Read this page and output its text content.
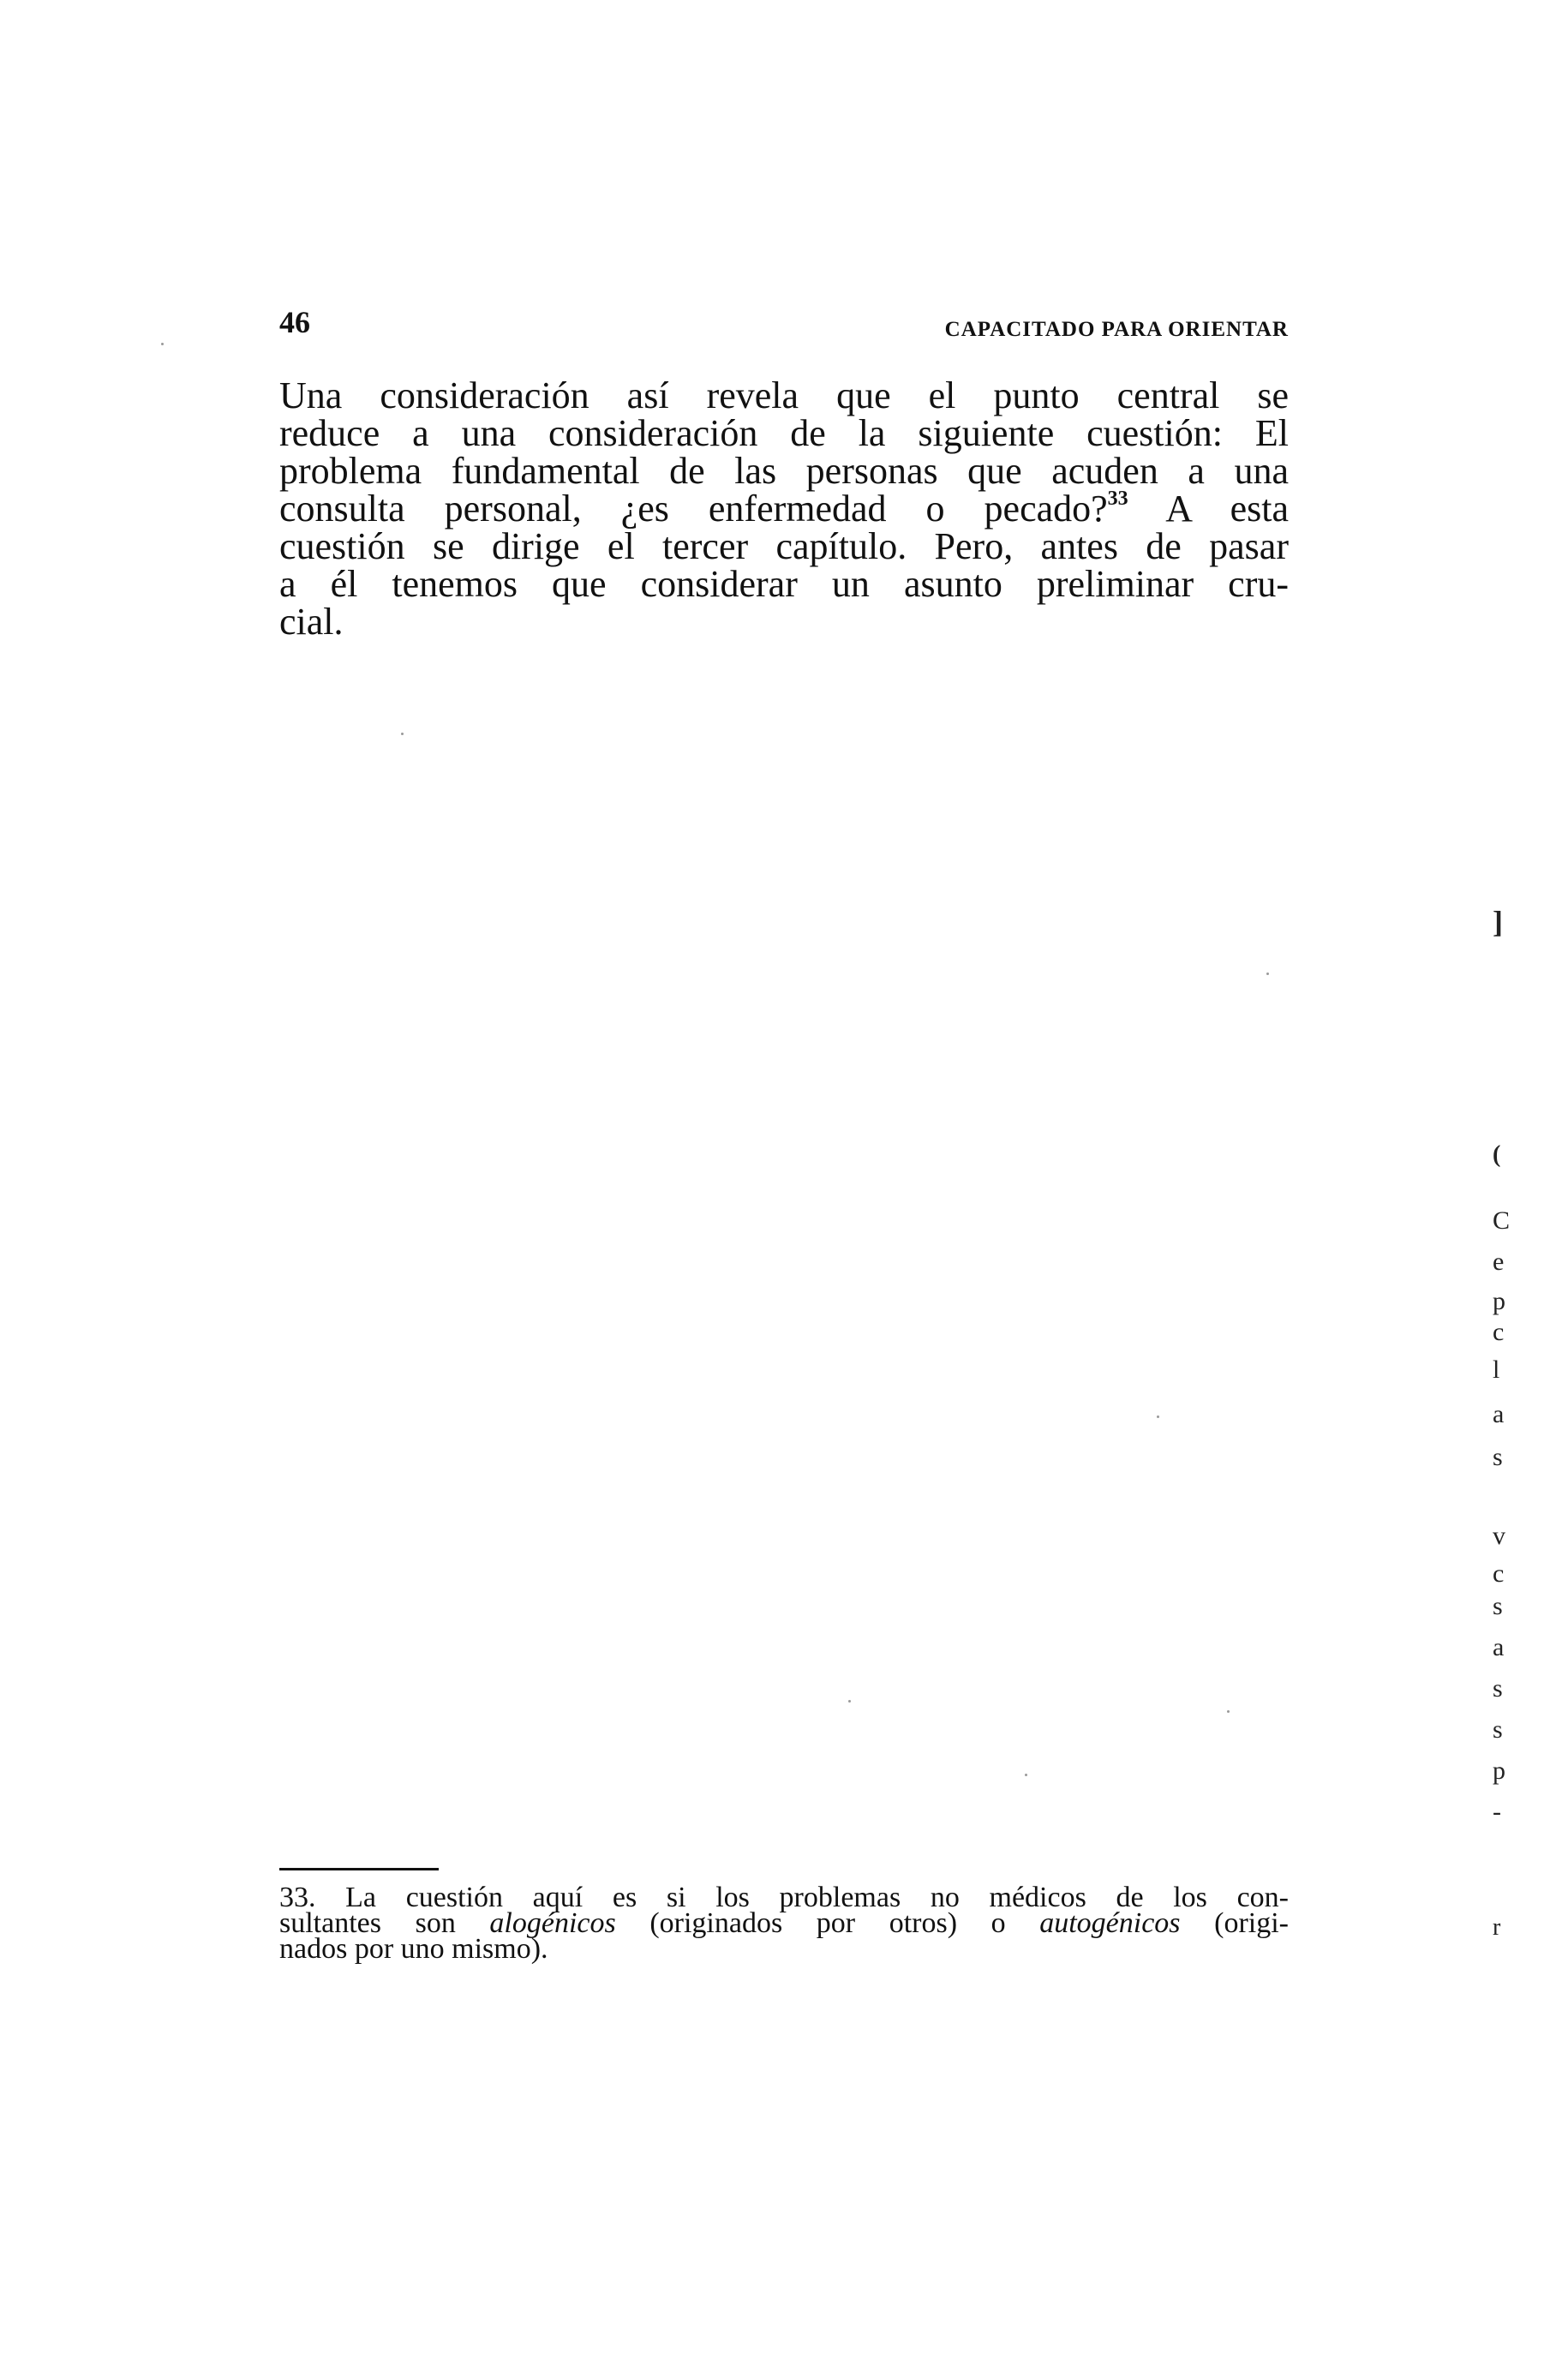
46	CAPACITADO PARA ORIENTAR
Una consideración así revela que el punto central se
reduce a una consideración de la siguiente cuestión: El
problema fundamental de las personas que acuden a una
consulta personal, ¿es enfermedad o pecado?$^{33}$ A esta
cuestión se dirige el tercer capítulo. Pero, antes de pasar
a él tenemos que considerar un asunto preliminar cru-
cial.
33. La cuestión aquí es si los problemas no médicos de los con-
sultantes son alogénicos (originados por otros) o autogénicos (origi-
nados por uno mismo).
]
(
C
e
p
c
l
a
s
v
c
s
a
s
s
p
-
r
